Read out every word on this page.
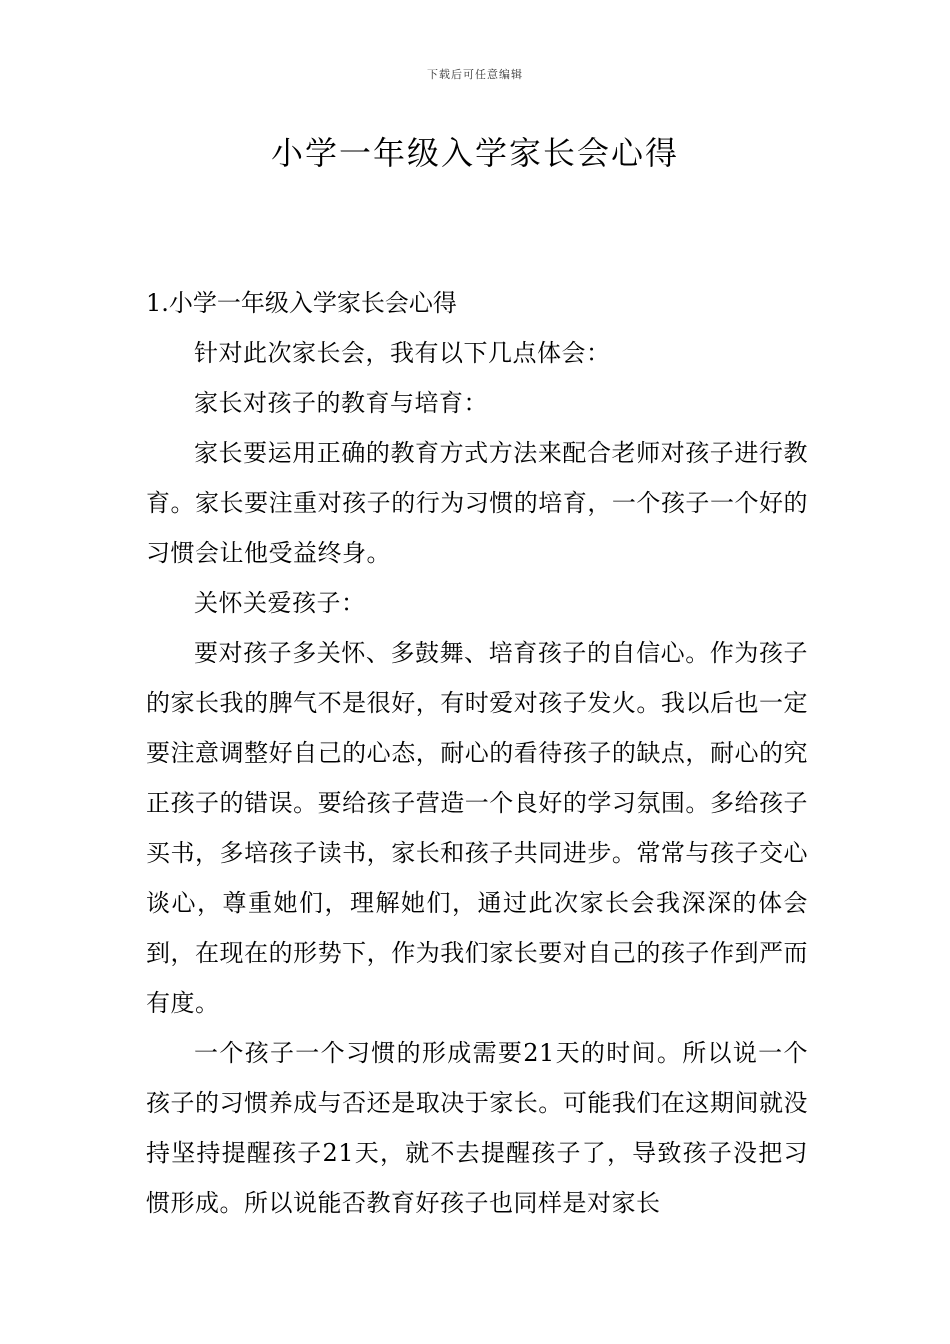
下载后可任意编辑
小学一年级入学家长会心得

1.小学一年级入学家长会心得

针对此次家长会，我有以下几点体会：

家长对孩子的教育与培育：

家长要运用正确的教育方式方法来配合老师对孩子进行教育。家长要注重对孩子的行为习惯的培育，一个孩子一个好的习惯会让他受益终身。

关怀关爱孩子：

要对孩子多关怀、多鼓舞、培育孩子的自信心。作为孩子的家长我的脾气不是很好，有时爱对孩子发火。我以后也一定要注意调整好自己的心态，耐心的看待孩子的缺点，耐心的究正孩子的错误。要给孩子营造一个良好的学习氛围。多给孩子买书，多培孩子读书，家长和孩子共同进步。常常与孩子交心谈心，尊重她们，理解她们，通过此次家长会我深深的体会到，在现在的形势下，作为我们家长要对自己的孩子作到严而有度。

一个孩子一个习惯的形成需要21天的时间。所以说一个孩子的习惯养成与否还是取决于家长。可能我们在这期间就没持坚持提醒孩子21天，就不去提醒孩子了，导致孩子没把习惯形成。所以说能否教育好孩子也同样是对家长
